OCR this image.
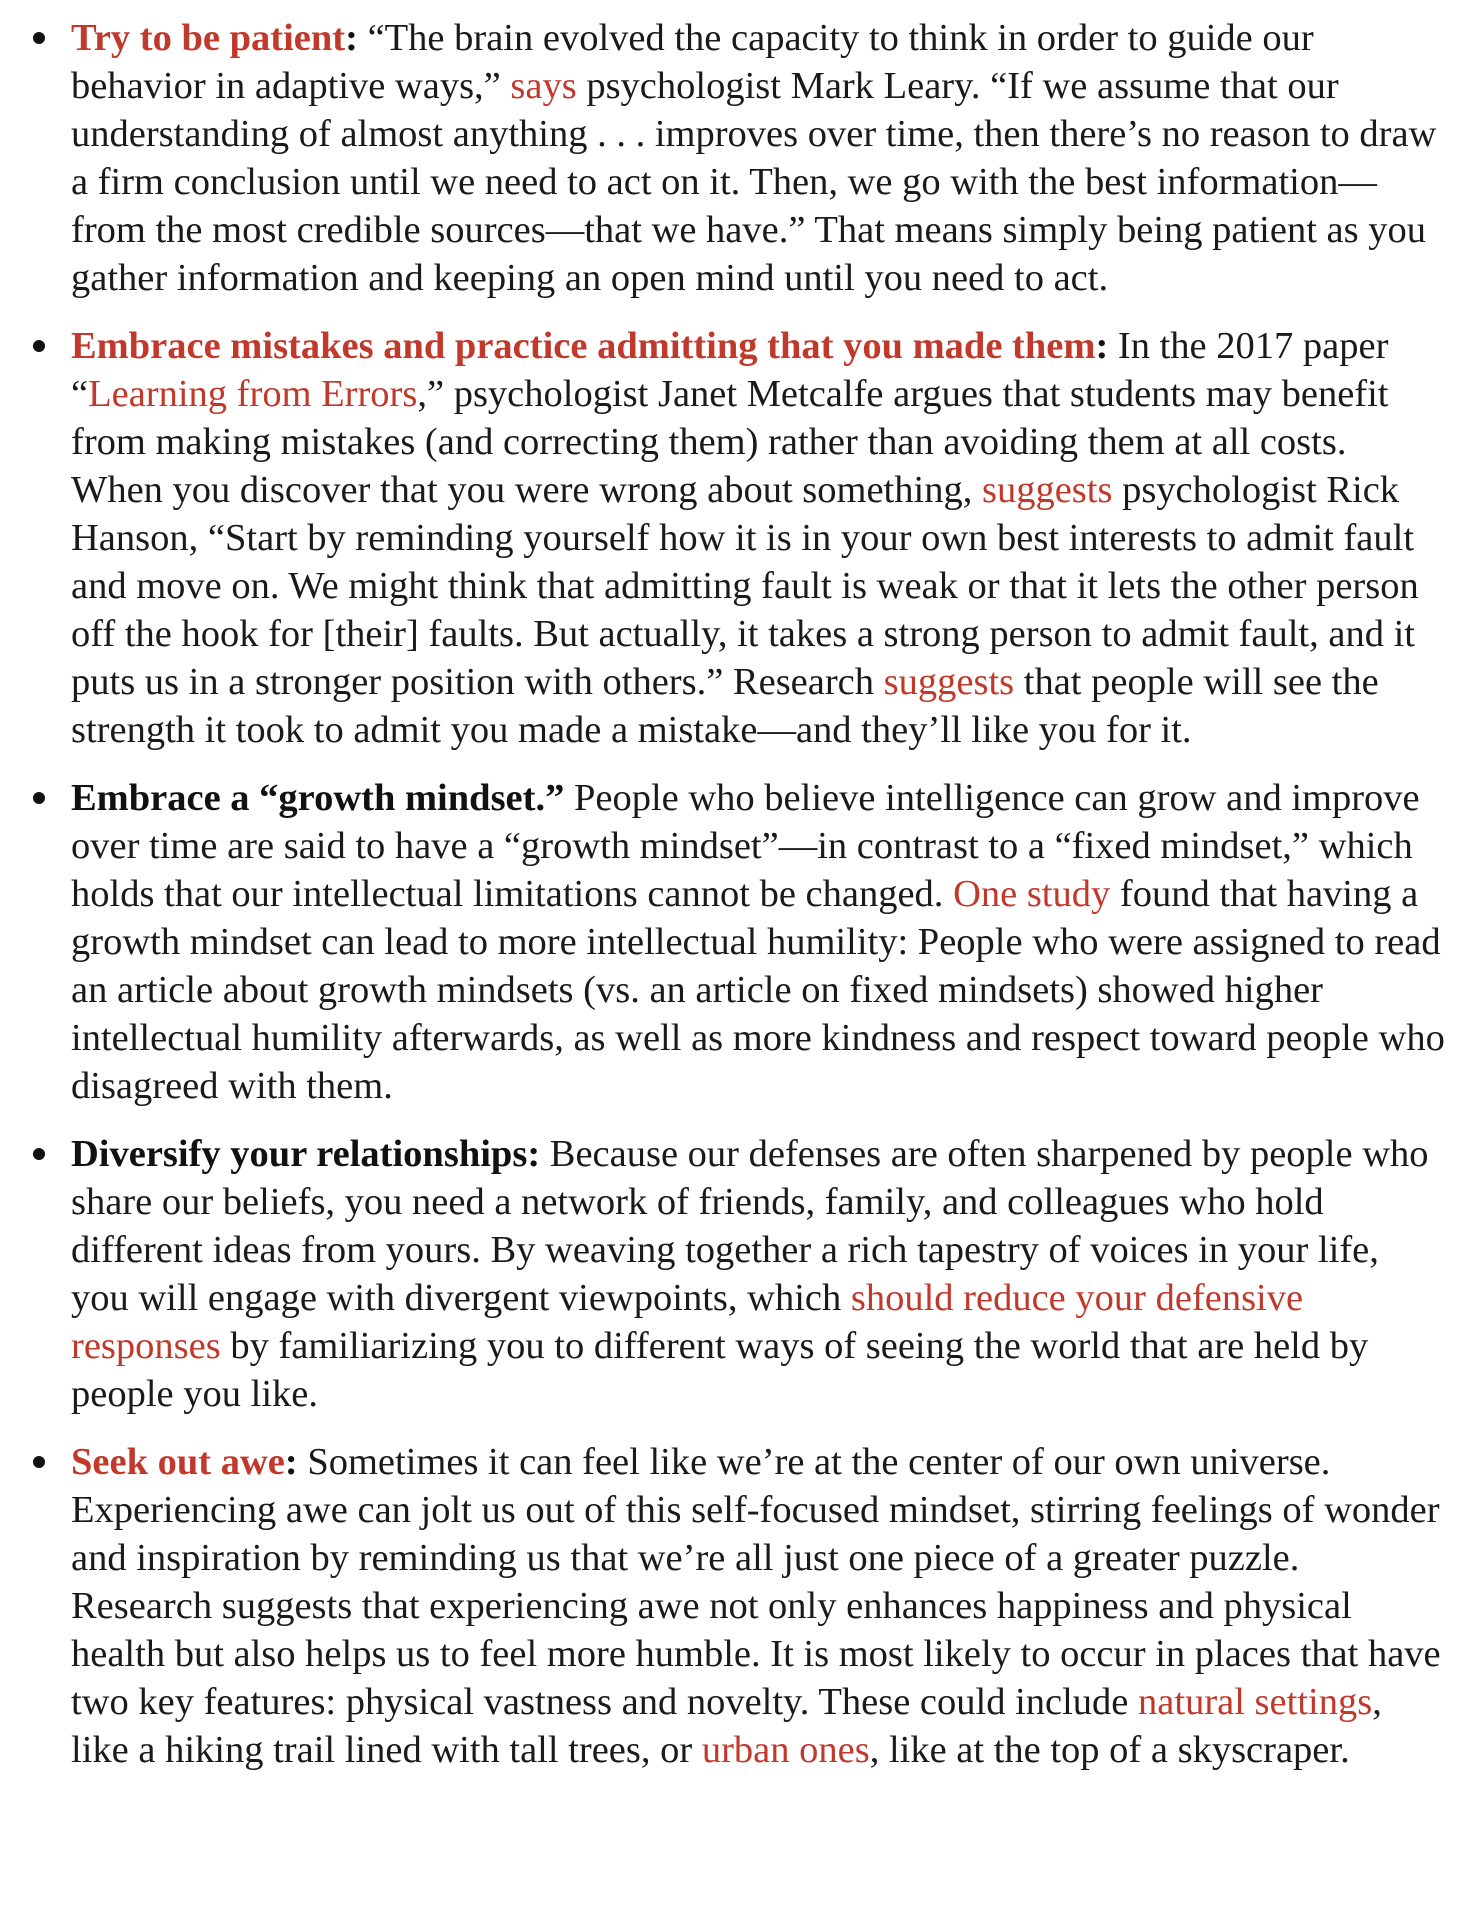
Try to be patient: “The brain evolved the capacity to think in order to guide our behavior in adaptive ways,” says psychologist Mark Leary. “If we assume that our understanding of almost anything . . . improves over time, then there’s no reason to draw a firm conclusion until we need to act on it. Then, we go with the best information—from the most credible sources—that we have.” That means simply being patient as you gather information and keeping an open mind until you need to act.
Embrace mistakes and practice admitting that you made them: In the 2017 paper “Learning from Errors,” psychologist Janet Metcalfe argues that students may benefit from making mistakes (and correcting them) rather than avoiding them at all costs. When you discover that you were wrong about something, suggests psychologist Rick Hanson, “Start by reminding yourself how it is in your own best interests to admit fault and move on. We might think that admitting fault is weak or that it lets the other person off the hook for [their] faults. But actually, it takes a strong person to admit fault, and it puts us in a stronger position with others.” Research suggests that people will see the strength it took to admit you made a mistake—and they’ll like you for it.
Embrace a “growth mindset.” People who believe intelligence can grow and improve over time are said to have a “growth mindset”—in contrast to a “fixed mindset,” which holds that our intellectual limitations cannot be changed. One study found that having a growth mindset can lead to more intellectual humility: People who were assigned to read an article about growth mindsets (vs. an article on fixed mindsets) showed higher intellectual humility afterwards, as well as more kindness and respect toward people who disagreed with them.
Diversify your relationships: Because our defenses are often sharpened by people who share our beliefs, you need a network of friends, family, and colleagues who hold different ideas from yours. By weaving together a rich tapestry of voices in your life, you will engage with divergent viewpoints, which should reduce your defensive responses by familiarizing you to different ways of seeing the world that are held by people you like.
Seek out awe: Sometimes it can feel like we’re at the center of our own universe. Experiencing awe can jolt us out of this self-focused mindset, stirring feelings of wonder and inspiration by reminding us that we’re all just one piece of a greater puzzle. Research suggests that experiencing awe not only enhances happiness and physical health but also helps us to feel more humble. It is most likely to occur in places that have two key features: physical vastness and novelty. These could include natural settings, like a hiking trail lined with tall trees, or urban ones, like at the top of a skyscraper.
